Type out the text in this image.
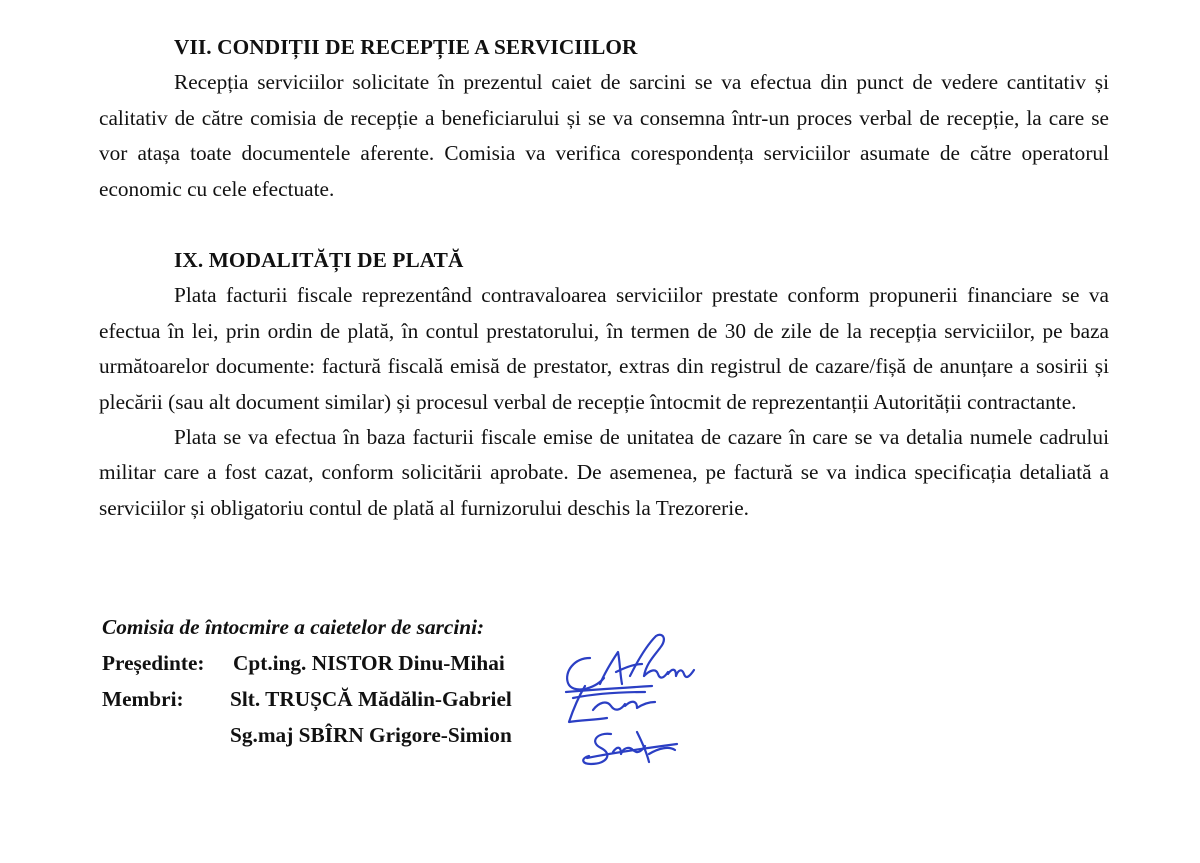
VII. CONDIȚII DE RECEPȚIE A SERVICIILOR

Recepția serviciilor solicitate în prezentul caiet de sarcini se va efectua din punct de vedere cantitativ și calitativ de către comisia de recepție a beneficiarului și se va consemna într-un proces verbal de recepție, la care se vor atașa toate documentele aferente. Comisia va verifica corespondența serviciilor asumate de către operatorul economic cu cele efectuate.

IX. MODALITĂȚI DE PLATĂ

Plata facturii fiscale reprezentând contravaloarea serviciilor prestate conform propunerii financiare se va efectua în lei, prin ordin de plată, în contul prestatorului, în termen de 30 de zile de la recepția serviciilor, pe baza următoarelor documente: factură fiscală emisă de prestator, extras din registrul de cazare/fișă de anunțare a sosirii și plecării (sau alt document similar) și procesul verbal de recepție întocmit de reprezentanții Autorității contractante.

Plata se va efectua în baza facturii fiscale emise de unitatea de cazare în care se va detalia numele cadrului militar care a fost cazat, conform solicitării aprobate. De asemenea, pe factură se va indica specificația detaliată a serviciilor și obligatoriu contul de plată al furnizorului deschis la Trezorerie.

Comisia de întocmire a caietelor de sarcini:

Președinte:	Cpt.ing. NISTOR Dinu-Mihai

Membri:	Slt. TRUȘCĂ Mădălin-Gabriel

Sg.maj SBÎRN Grigore-Simion
